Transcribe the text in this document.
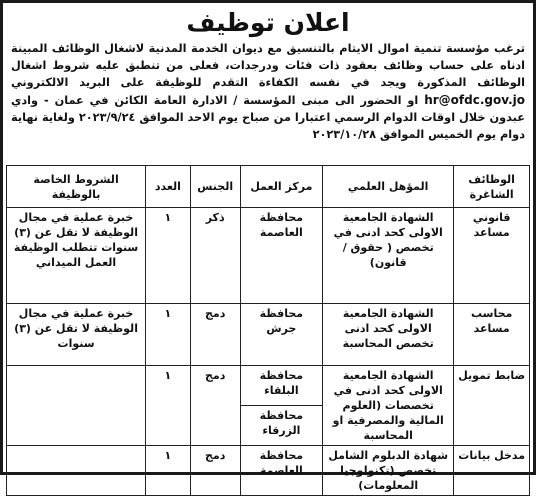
اعلان توظيف

ترغب مؤسسة تنمية اموال الايتام بالتنسيق مع ديوان الخدمة المدنية لاشغال الوظائف المبينة ادناه على حساب وظائف بعقود ذات فئات ودرجدات، فعلى من تنطبق عليه شروط اشغال الوظائف المذكورة ويجد في نفسه الكفاءة التقدم للوظيفة على البريد الالكتروني hr@ofdc.gov.jo او الحضور الى مبنى المؤسسة / الادارة العامة الكائن في عمان - وادي عبدون خلال اوقات الدوام الرسمي اعتبارا من صباح يوم الاحد الموافق ٢٠٢٣/٩/٢٤ ولغاية نهاية دوام يوم الخميس الموافق ٢٠٢٣/١٠/٢٨

الوظائف الشاغرة	المؤهل العلمي	مركز العمل	الجنس	العدد	الشروط الخاصة بالوظيفة
قانوني مساعد	الشهادة الجامعية الاولى كحد ادنى في تخصص ( حقوق / قانون)	محافظة العاصمة	ذكر	١	خبرة عملية في مجال الوظيفة لا تقل عن (٣) سنوات تتطلب الوظيفة العمل الميداني
محاسب مساعد	الشهادة الجامعية الاولى كحد ادنى تخصص المحاسبة	محافظة جرش	دمج	١	خبرة عملية في مجال الوظيفة لا تقل عن (٣) سنوات
ضابط تمويل	الشهادة الجامعية الاولى كحد ادنى في تخصصات (العلوم المالية والمصرفية او المحاسبة	محافظة البلقاء	دمج	١	
		محافظة الزرقاء			
مدخل بيانات	شهادة الدبلوم الشامل تخصص (تكنولوجيا المعلومات)	محافظة العاصمة	دمج	١	
